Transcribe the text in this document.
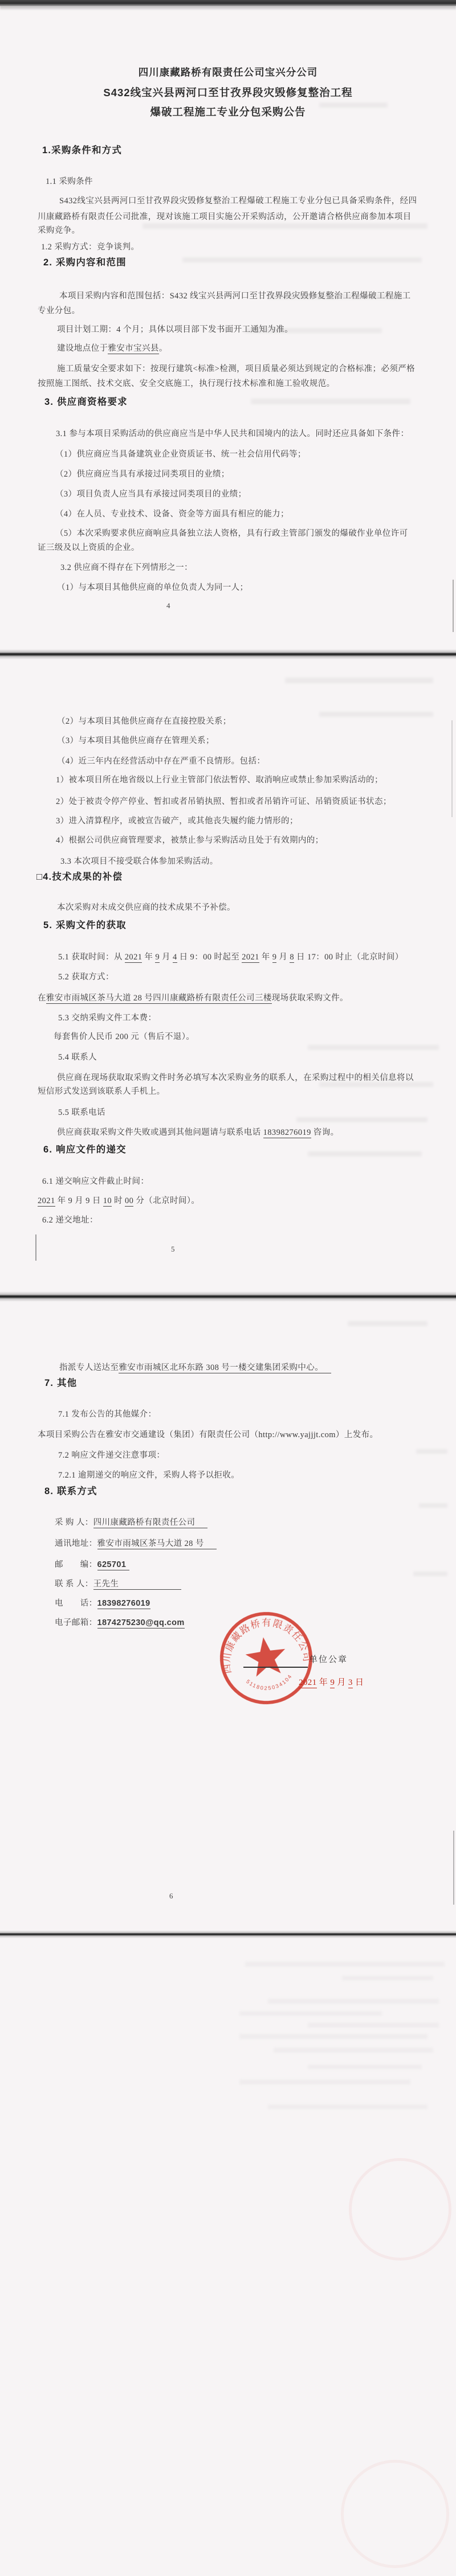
四川康藏路桥有限责任公司宝兴分公司
S432线宝兴县两河口至甘孜界段灾毁修复整治工程
爆破工程施工专业分包采购公告
1.采购条件和方式
1.1 采购条件
S432线宝兴县两河口至甘孜界段灾毁修复整治工程爆破工程施工专业分包已具备采购条件，经四
川康藏路桥有限责任公司批准，现对该施工项目实施公开采购活动，公开邀请合格供应商参加本项目
采购竞争。
1.2 采购方式：竞争谈判。
2. 采购内容和范围
本项目采购内容和范围包括：S432 线宝兴县两河口至甘孜界段灾毁修复整治工程爆破工程施工
专业分包。
项目计划工期：4 个月；具体以项目部下发书面开工通知为准。
建设地点位于雅安市宝兴县。
施工质量安全要求如下：按现行建筑<标准>检测，项目质量必须达到规定的合格标准；必须严格
按照施工图纸、技术交底、安全交底施工，执行现行技术标准和施工验收规范。
3. 供应商资格要求
3.1 参与本项目采购活动的供应商应当是中华人民共和国境内的法人。同时还应具备如下条件：
（1）供应商应当具备建筑业企业资质证书、统一社会信用代码等；
（2）供应商应当具有承接过同类项目的业绩；
（3）项目负责人应当具有承接过同类项目的业绩；
（4）在人员、专业技术、设备、资金等方面具有相应的能力；
（5）本次采购要求供应商响应具备独立法人资格，具有行政主管部门颁发的爆破作业单位许可
证三级及以上资质的企业。
3.2 供应商不得存在下列情形之一：
（1）与本项目其他供应商的单位负责人为同一人；
4
（2）与本项目其他供应商存在直接控股关系；
（3）与本项目其他供应商存在管理关系；
（4）近三年内在经营活动中存在严重不良情形。包括：
1）被本项目所在地省级以上行业主管部门依法暂停、取消响应或禁止参加采购活动的；
2）处于被责令停产停业、暂扣或者吊销执照、暂扣或者吊销许可证、吊销资质证书状态；
3）进入清算程序，或被宣告破产，或其他丧失履约能力情形的；
4）根据公司供应商管理要求，被禁止参与采购活动且处于有效期内的；
3.3 本次项目不接受联合体参加采购活动。
□4.技术成果的补偿
本次采购对未成交供应商的技术成果不予补偿。
5. 采购文件的获取
5.1 获取时间：从 2021 年 9 月 4 日 9：00 时起至 2021 年 9 月 8 日 17：00 时止（北京时间）
5.2 获取方式：
在雅安市雨城区茶马大道 28 号四川康藏路桥有限责任公司三楼现场获取采购文件。
5.3 交纳采购文件工本费：
每套售价人民币 200 元（售后不退）。
5.4 联系人
供应商在现场获取取采购文件时务必填写本次采购业务的联系人，在采购过程中的相关信息将以
短信形式发送到该联系人手机上。
5.5 联系电话
供应商获取采购文件失败或遇到其他问题请与联系电话 18398276019 咨询。
6. 响应文件的递交
6.1 递交响应文件截止时间：
2021 年 9 月 9 日 10 时 00 分（北京时间）。
6.2 递交地址：
5
指派专人送达至雅安市雨城区北环东路 308 号一楼交建集团采购中心。
7. 其他
7.1 发布公告的其他媒介：
本项目采购公告在雅安市交通建设（集团）有限责任公司（http://www.yajjjt.com）上发布。
7.2 响应文件递交注意事项：
7.2.1 逾期递交的响应文件，采购人将予以拒收。
8. 联系方式
采 购 人：四川康藏路桥有限责任公司
通讯地址：雅安市雨城区茶马大道 28 号
邮　　编：625701
联 系 人：王先生
电　　话：18398276019
电子邮箱：1874275230@qq.com
四川康藏路桥有限责任公司
5118025034104
单位公章
2021 年 9 月 3 日
6
